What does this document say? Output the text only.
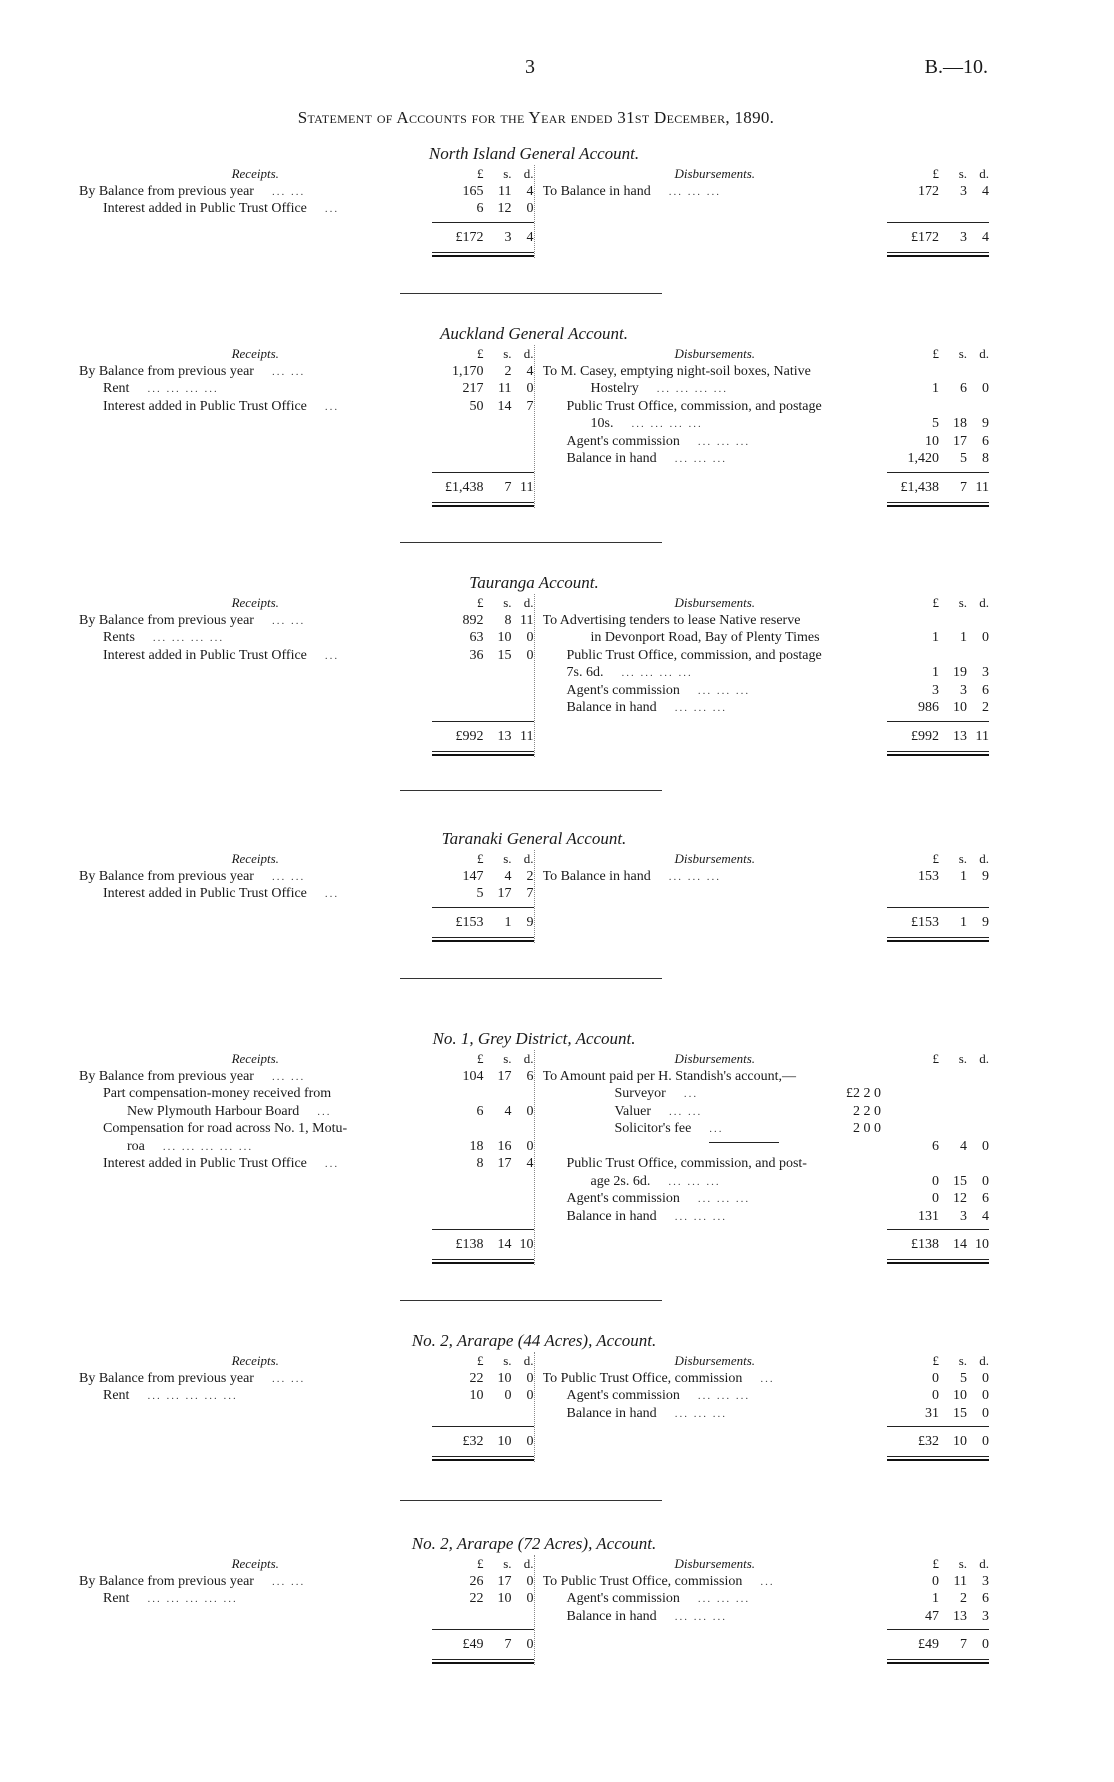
3	B.—10.
Statement of Accounts for the Year ended 31st December, 1890.
North Island General Account.
Receipts.	£	s. d.
By Balance from previous year ... ...	165	11	4
Interest added in Public Trust Office ...	6	12	0
£172	3	4
Disbursements.	£	s. d.
To Balance in hand ... ... ...	172	3	4
£172	3	4
Auckland General Account.
Receipts.	£	s. d.
By Balance from previous year ... ...	1,170	2	4
Rent ... ... ... ...	217	11	0
Interest added in Public Trust Office ...	50	14	7
£1,438	7 11
Disbursements.	£	s. d.
To M. Casey, emptying night-soil boxes, Native
Hostelry ... ... ... ...	1	6	0
Public Trust Office, commission, and postage
10s. ... ... ... ...	5	18	9
Agent's commission ... ... ...	10	17	6
Balance in hand ... ... ...	1,420	5	8
£1,438	7 11
Tauranga Account.
Receipts.	£	s. d.
By Balance from previous year ... ...	892	8 11
Rents ... ... ... ...	63	10	0
Interest added in Public Trust Office ...	36	15	0
£992	13 11
Disbursements.	£	s. d.
To Advertising tenders to lease Native reserve
in Devonport Road, Bay of Plenty Times	1	1	0
Public Trust Office, commission, and postage
7s. 6d. ... ... ... ...	1	19	3
Agent's commission ... ... ...	3	3	6
Balance in hand ... ... ...	986	10	2
£992	13 11
Taranaki General Account.
Receipts.	£	s. d.
By Balance from previous year ... ...	147	4	2
Interest added in Public Trust Office ...	5	17	7
£153	1	9
Disbursements.	£	s. d.
To Balance in hand ... ... ...	153	1	9
£153	1	9
No. 1, Grey District, Account.
Receipts.	£	s. d.
By Balance from previous year ... ...	104	17	6
Part compensation-money received from
New Plymouth Harbour Board ...	6	4	0
Compensation for road across No. 1, Motu-
roa ... ... ... ... ...	18	16	0
Interest added in Public Trust Office ...	8	17	4
£138	14 10
Disbursements.	£	s. d.
To Amount paid per H. Standish's account,—
Surveyor ...	£2 2 0
Valuer ... ...	2 2 0
Solicitor's fee ...	2 0 0
6	4	0
Public Trust Office, commission, and post-
age 2s. 6d. ... ... ...	0	15	0
Agent's commission ... ... ...	0	12	6
Balance in hand ... ... ...	131	3	4
£138	14 10
No. 2, Ararape (44 Acres), Account.
Receipts.	£	s. d.
By Balance from previous year ... ...	22	10	0
Rent ... ... ... ... ...	10	0	0
£32	10	0
Disbursements.	£	s. d.
To Public Trust Office, commission ...	0	5	0
Agent's commission ... ... ...	0	10	0
Balance in hand ... ... ...	31	15	0
£32	10	0
No. 2, Ararape (72 Acres), Account.
Receipts.	£	s. d.
By Balance from previous year ... ...	26	17	0
Rent ... ... ... ... ...	22	10	0
£49	7	0
Disbursements.	£	s. d.
To Public Trust Office, commission ...	0	11	3
Agent's commission ... ... ...	1	2	6
Balance in hand ... ... ...	47	13	3
£49	7	0
